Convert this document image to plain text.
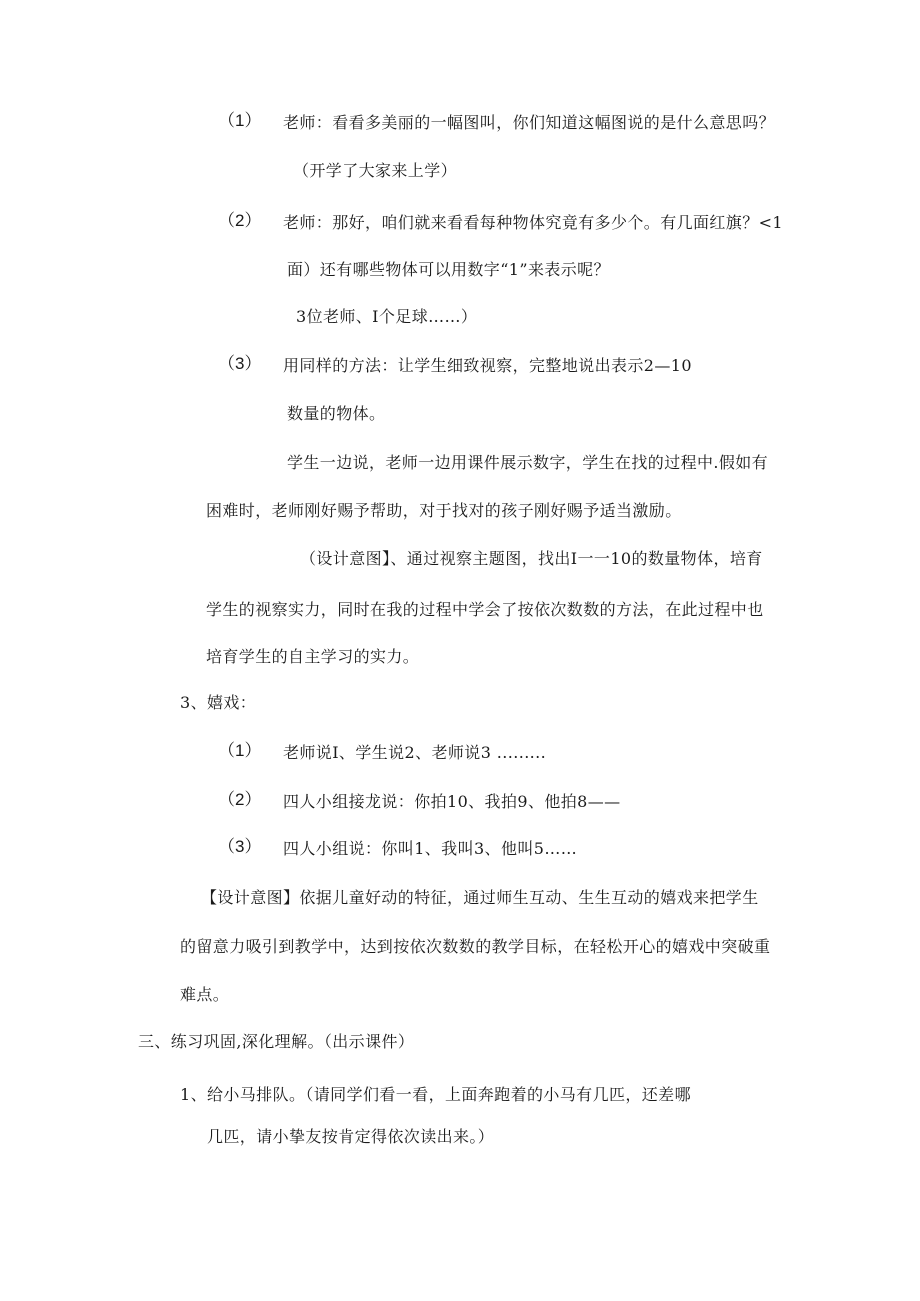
（1） 老师：看看多美丽的一幅图叫，你们知道这幅图说的是什么意思吗？

（开学了大家来上学）

（2） 老师：那好，咱们就来看看每种物体究竟有多少个。有几面红旗？<1

面）还有哪些物体可以用数字“1”来表示呢？

3位老师、I个足球……）

（3） 用同样的方法：让学生细致视察，完整地说出表示2—10

数量的物体。

学生一边说，老师一边用课件展示数字，学生在找的过程中.假如有

困难时，老师刚好赐予帮助，对于找对的孩子刚好赐予适当激励。

（设计意图】、通过视察主题图，找出I一一10的数量物体，培育

学生的视察实力，同时在我的过程中学会了按依次数数的方法，在此过程中也

培育学生的自主学习的实力。

3、嬉戏：

（1） 老师说I、学生说2、老师说3 .........

（2） 四人小组接龙说：你拍10、我拍9、他拍8——

（3） 四人小组说：你叫1、我叫3、他叫5……

【设计意图】依据儿童好动的特征，通过师生互动、生生互动的嬉戏来把学生

的留意力吸引到教学中，达到按依次数数的教学目标，在轻松开心的嬉戏中突破重

难点。

三、练习巩固,深化理解。（出示课件）

1、给小马排队。（请同学们看一看，上面奔跑着的小马有几匹，还差哪

几匹，请小挚友按肯定得依次读出来。）
